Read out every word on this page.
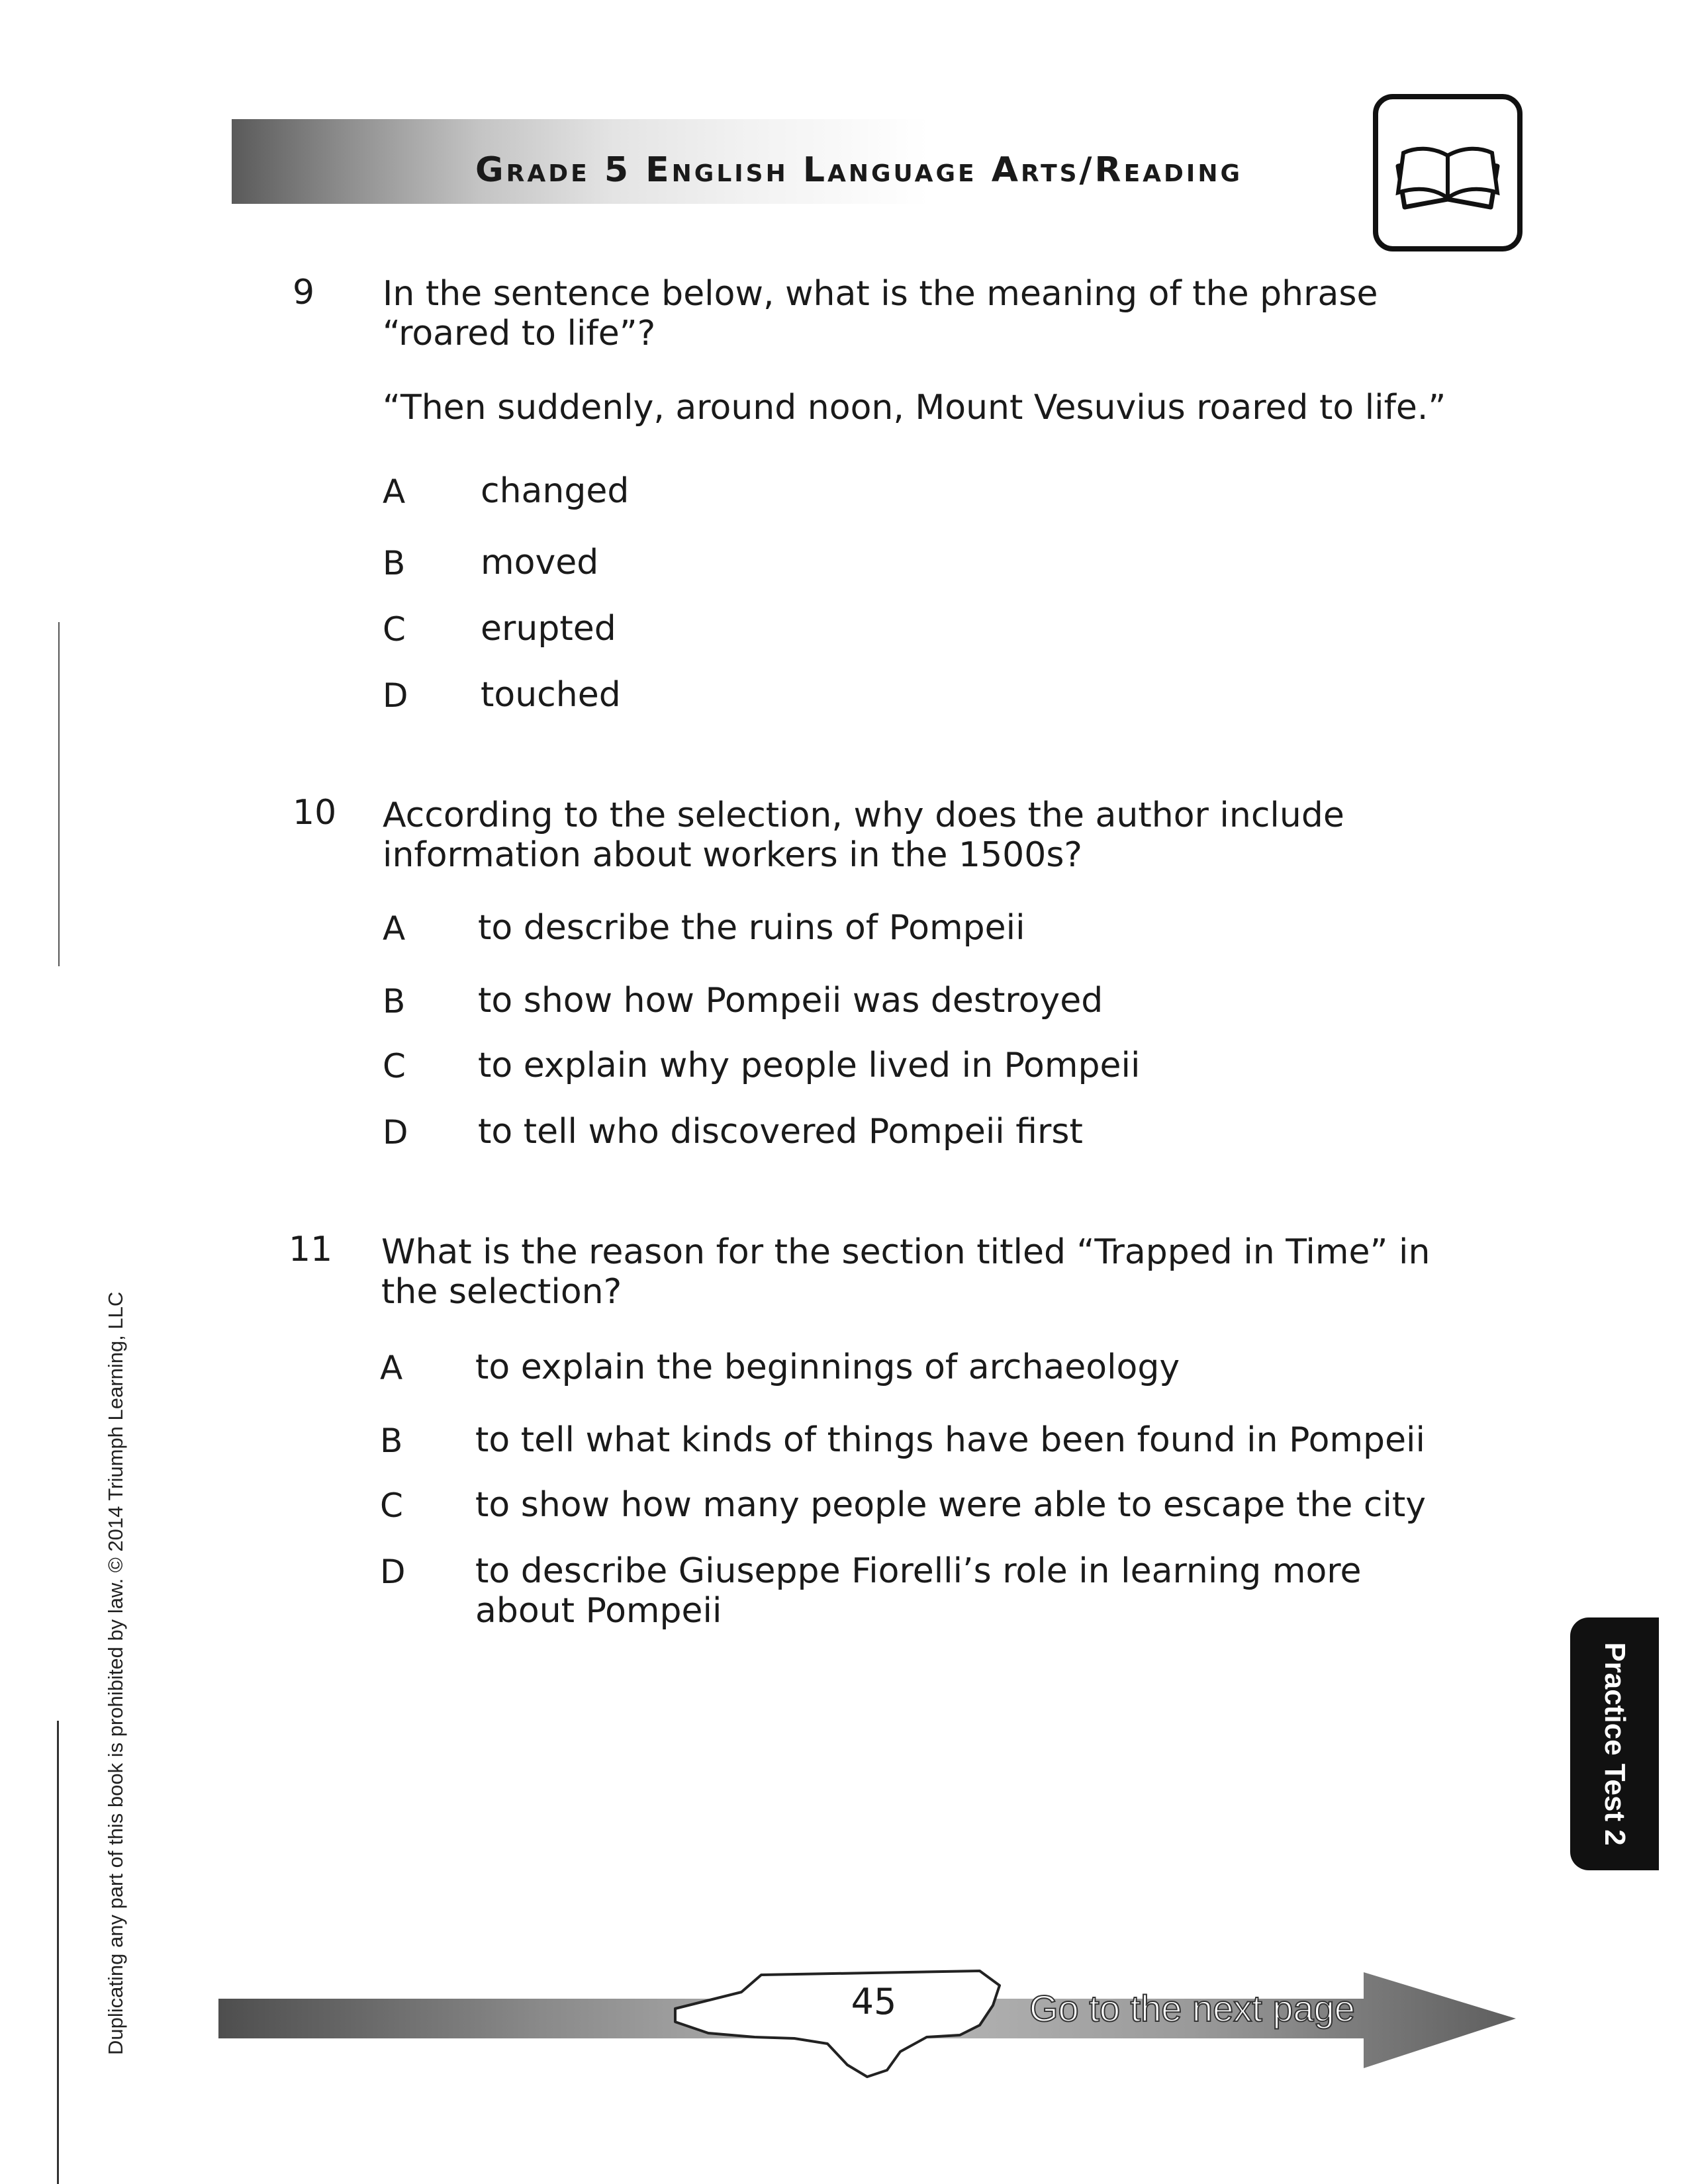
Grade 5 English Language Arts/Reading
9 In the sentence below, what is the meaning of the phrase “roared to life”?
“Then suddenly, around noon, Mount Vesuvius roared to life.”
A changed
B moved
C erupted
D touched
10 According to the selection, why does the author include information about workers in the 1500s?
A to describe the ruins of Pompeii
B to show how Pompeii was destroyed
C to explain why people lived in Pompeii
D to tell who discovered Pompeii first
11 What is the reason for the section titled “Trapped in Time” in the selection?
A to explain the beginnings of archaeology
B to tell what kinds of things have been found in Pompeii
C to show how many people were able to escape the city
D to describe Giuseppe Fiorelli’s role in learning more about Pompeii
Duplicating any part of this book is prohibited by law. © 2014 Triumph Learning, LLC	Practice Test 2
45	Go to the next page
